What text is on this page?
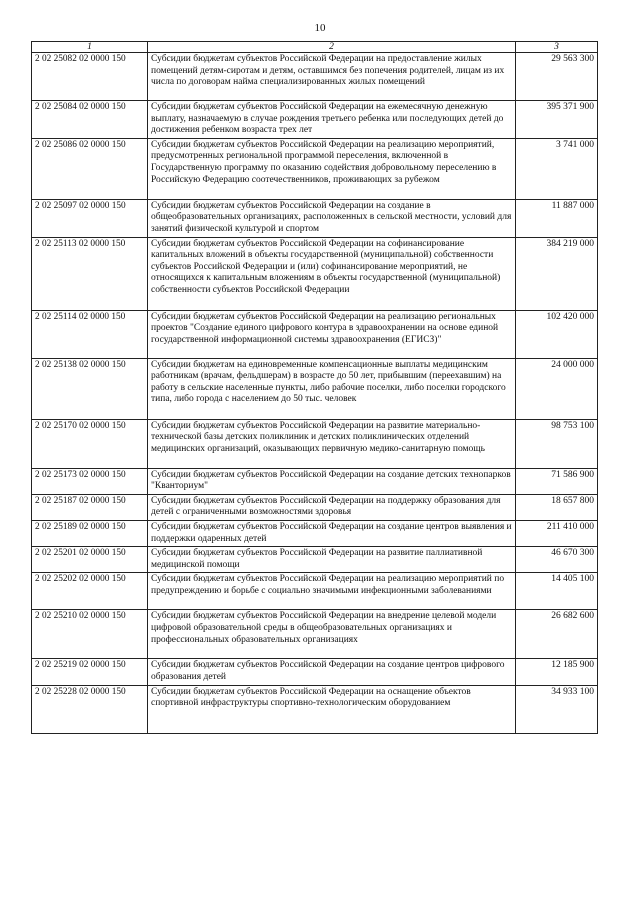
10
1	2	3
2 02 25082 02 0000 150	Субсидии бюджетам субъектов Российской Федерации на предоставление жилых помещений детям-сиротам и детям, оставшимся без попечения родителей, лицам из их числа по договорам найма специализированных жилых помещений	29 563 300
2 02 25084 02 0000 150	Субсидии бюджетам субъектов Российской Федерации на ежемесячную денежную выплату, назначаемую в случае рождения третьего ребенка или последующих детей до достижения ребенком возраста трех лет	395 371 900
2 02 25086 02 0000 150	Субсидии бюджетам субъектов Российской Федерации на реализацию мероприятий, предусмотренных региональной программой переселения, включенной в Государственную программу по оказанию содействия добровольному переселению в Российскую Федерацию соотечественников, проживающих за рубежом	3 741 000
2 02 25097 02 0000 150	Субсидии бюджетам субъектов Российской Федерации на создание в общеобразовательных организациях, расположенных в сельской местности, условий для занятий физической культурой и спортом	11 887 000
2 02 25113 02 0000 150	Субсидии бюджетам субъектов Российской Федерации на софинансирование капитальных вложений в объекты государственной (муниципальной) собственности субъектов Российской Федерации и (или) софинансирование мероприятий, не относящихся к капитальным вложениям в объекты государственной (муниципальной) собственности субъектов Российской Федерации	384 219 000
2 02 25114 02 0000 150	Субсидии бюджетам субъектов Российской Федерации на реализацию региональных проектов "Создание единого цифрового контура в здравоохранении на основе единой государственной информационной системы здравоохранения (ЕГИСЗ)"	102 420 000
2 02 25138 02 0000 150	Субсидии бюджетам на единовременные компенсационные выплаты медицинским работникам (врачам, фельдшерам) в возрасте до 50 лет, прибывшим (переехавшим) на работу в сельские населенные пункты, либо рабочие поселки, либо поселки городского типа, либо города с населением до 50 тыс. человек	24 000 000
2 02 25170 02 0000 150	Субсидии бюджетам субъектов Российской Федерации на развитие материально-технической базы детских поликлиник и детских поликлинических отделений медицинских организаций, оказывающих первичную медико-санитарную помощь	98 753 100
2 02 25173 02 0000 150	Субсидии бюджетам субъектов Российской Федерации на создание детских технопарков "Кванториум"	71 586 900
2 02 25187 02 0000 150	Субсидии бюджетам субъектов Российской Федерации на поддержку образования для детей с ограниченными возможностями здоровья	18 657 800
2 02 25189 02 0000 150	Субсидии бюджетам субъектов Российской Федерации на создание центров выявления и поддержки одаренных детей	211 410 000
2 02 25201 02 0000 150	Субсидии бюджетам субъектов Российской Федерации на развитие паллиативной медицинской помощи	46 670 300
2 02 25202 02 0000 150	Субсидии бюджетам субъектов Российской Федерации на реализацию мероприятий по предупреждению и борьбе с социально значимыми инфекционными заболеваниями	14 405 100
2 02 25210 02 0000 150	Субсидии бюджетам субъектов Российской Федерации на внедрение целевой модели цифровой образовательной среды в общеобразовательных организациях и профессиональных образовательных организациях	26 682 600
2 02 25219 02 0000 150	Субсидии бюджетам субъектов Российской Федерации на создание центров цифрового образования детей	12 185 900
2 02 25228 02 0000 150	Субсидии бюджетам субъектов Российской Федерации на оснащение объектов спортивной инфраструктуры спортивно-технологическим оборудованием	34 933 100
